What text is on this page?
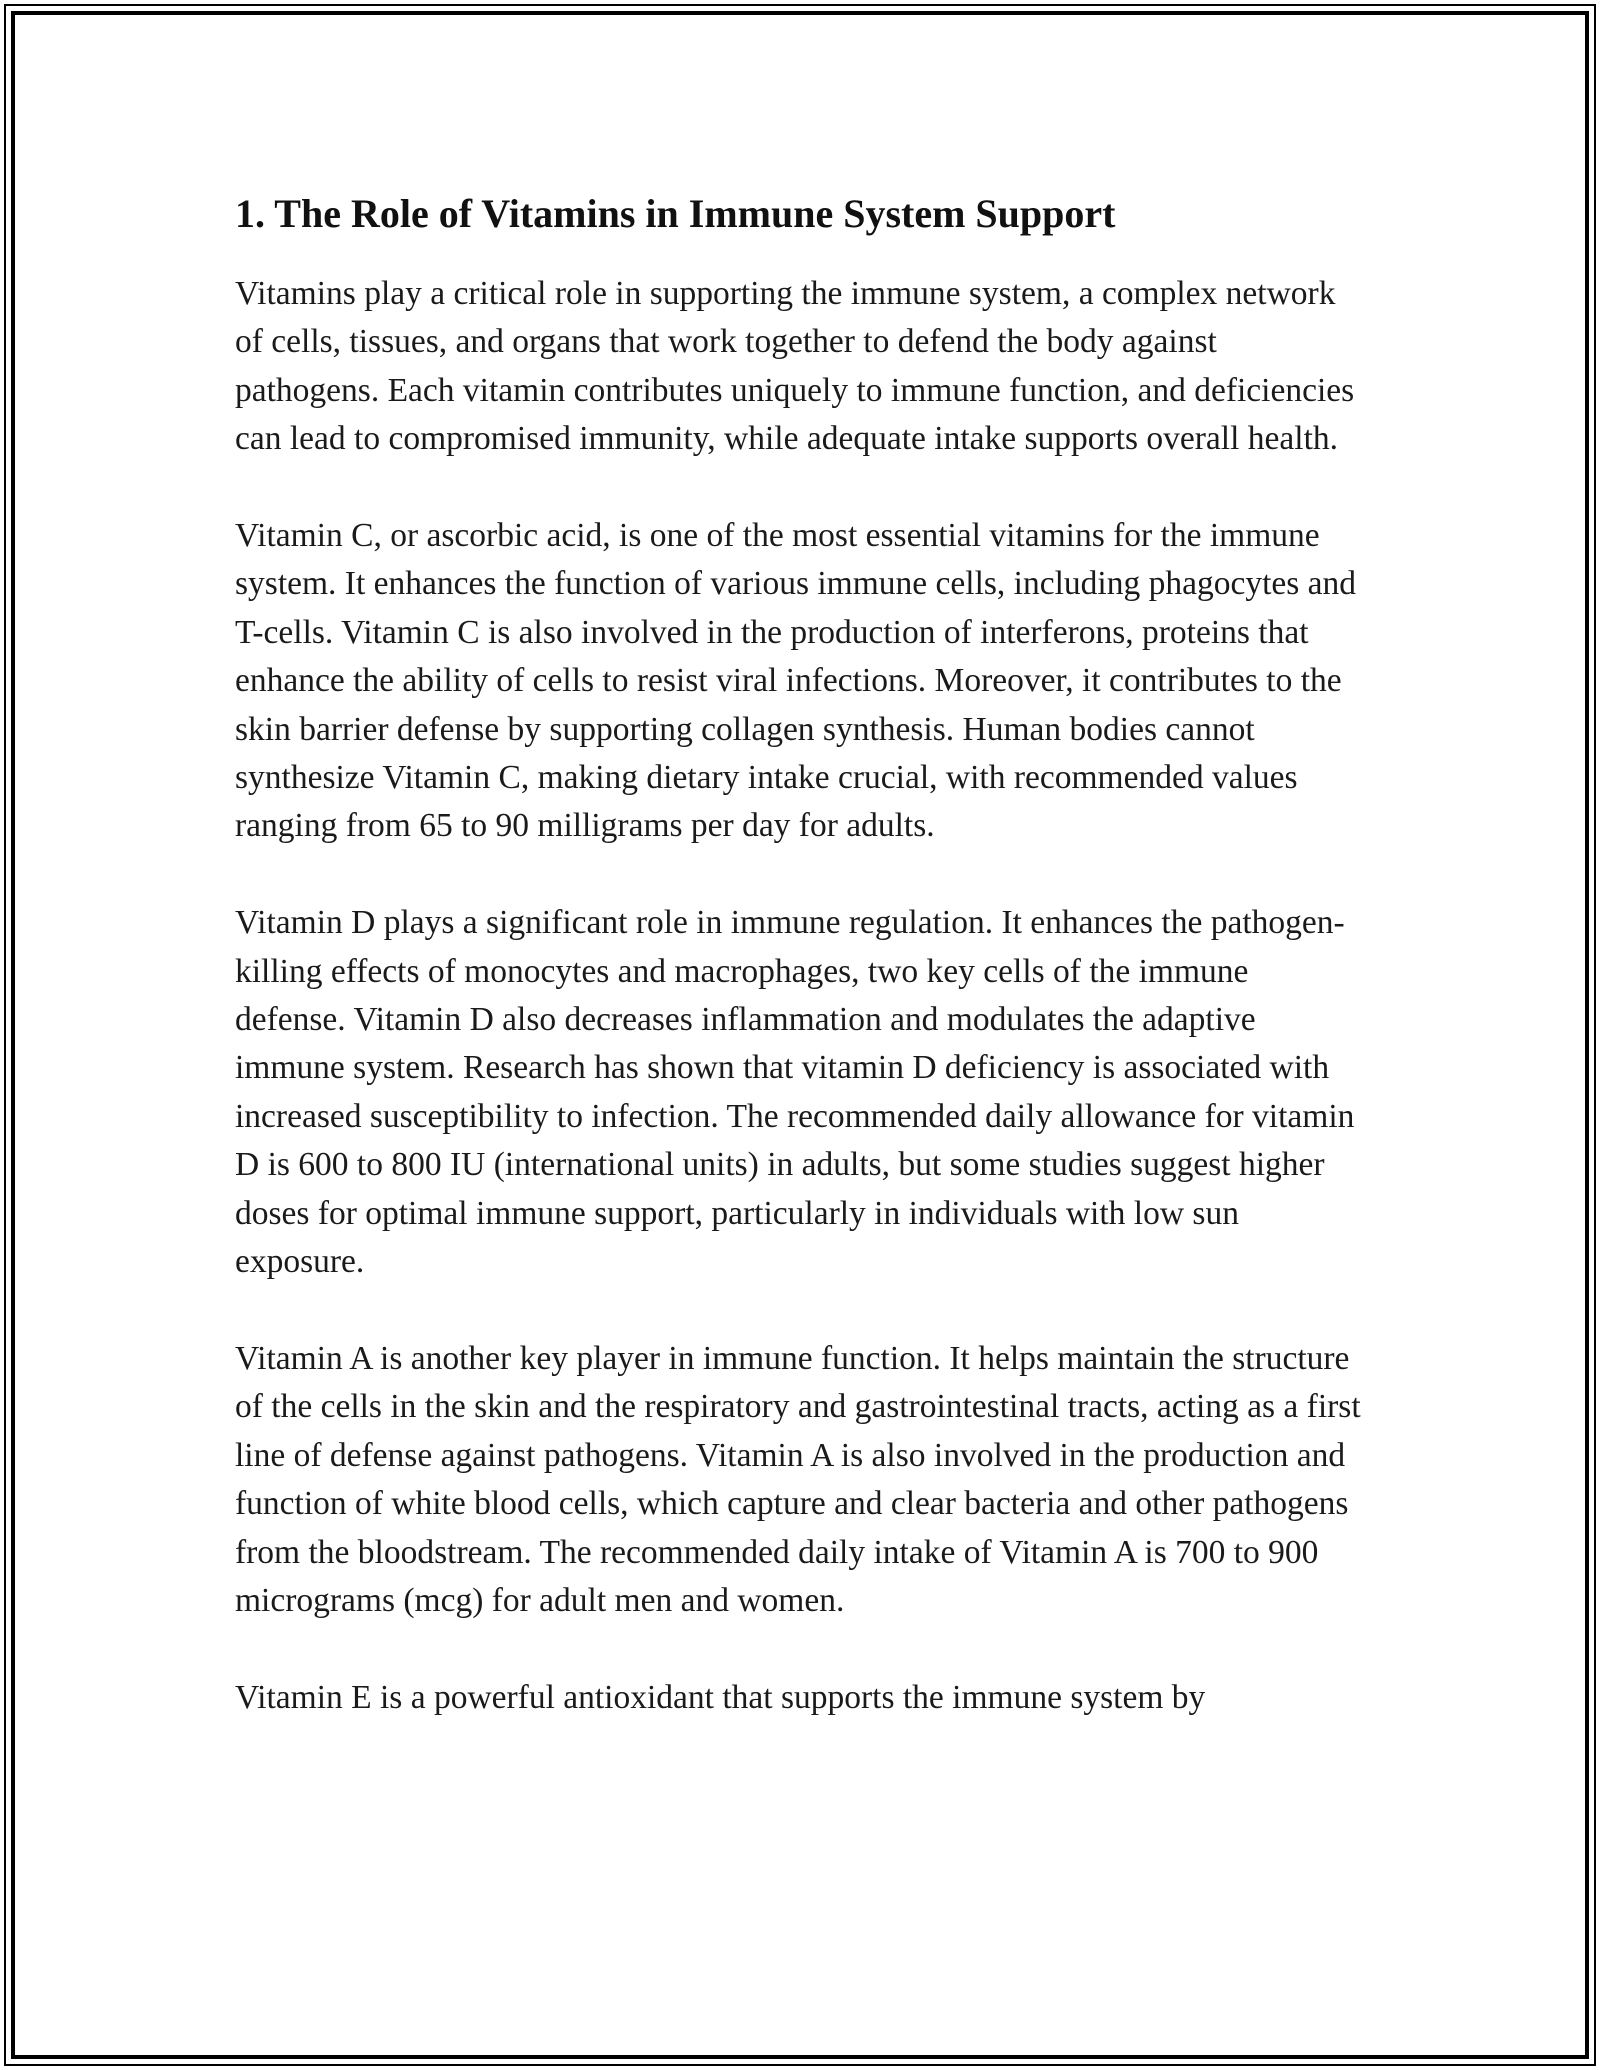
1. The Role of Vitamins in Immune System Support

Vitamins play a critical role in supporting the immune system, a complex network of cells, tissues, and organs that work together to defend the body against pathogens. Each vitamin contributes uniquely to immune function, and deficiencies can lead to compromised immunity, while adequate intake supports overall health.

Vitamin C, or ascorbic acid, is one of the most essential vitamins for the immune system. It enhances the function of various immune cells, including phagocytes and T-cells. Vitamin C is also involved in the production of interferons, proteins that enhance the ability of cells to resist viral infections. Moreover, it contributes to the skin barrier defense by supporting collagen synthesis. Human bodies cannot synthesize Vitamin C, making dietary intake crucial, with recommended values ranging from 65 to 90 milligrams per day for adults.

Vitamin D plays a significant role in immune regulation. It enhances the pathogen-killing effects of monocytes and macrophages, two key cells of the immune defense. Vitamin D also decreases inflammation and modulates the adaptive immune system. Research has shown that vitamin D deficiency is associated with increased susceptibility to infection. The recommended daily allowance for vitamin D is 600 to 800 IU (international units) in adults, but some studies suggest higher doses for optimal immune support, particularly in individuals with low sun exposure.

Vitamin A is another key player in immune function. It helps maintain the structure of the cells in the skin and the respiratory and gastrointestinal tracts, acting as a first line of defense against pathogens. Vitamin A is also involved in the production and function of white blood cells, which capture and clear bacteria and other pathogens from the bloodstream. The recommended daily intake of Vitamin A is 700 to 900 micrograms (mcg) for adult men and women.

Vitamin E is a powerful antioxidant that supports the immune system by
